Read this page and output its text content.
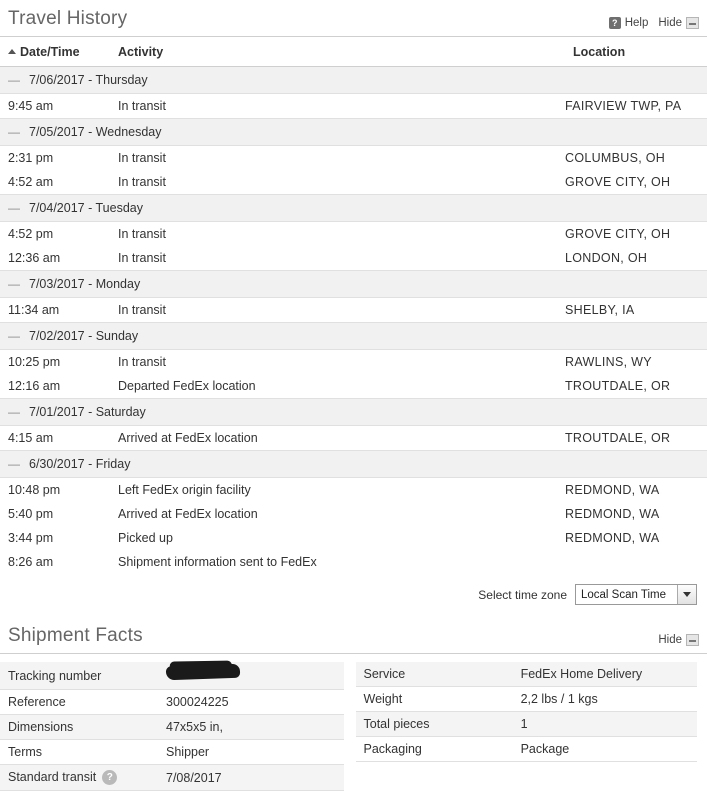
Travel History	? Help Hide
Date/Time	Activity	Location
— 7/06/2017 - Thursday		
9:45 am	In transit	FAIRVIEW TWP, PA
— 7/05/2017 - Wednesday		
2:31 pm	In transit	COLUMBUS, OH
4:52 am	In transit	GROVE CITY, OH
— 7/04/2017 - Tuesday		
4:52 pm	In transit	GROVE CITY, OH
12:36 am	In transit	LONDON, OH
— 7/03/2017 - Monday		
11:34 am	In transit	SHELBY, IA
— 7/02/2017 - Sunday		
10:25 pm	In transit	RAWLINS, WY
12:16 am	Departed FedEx location	TROUTDALE, OR
— 7/01/2017 - Saturday		
4:15 am	Arrived at FedEx location	TROUTDALE, OR
— 6/30/2017 - Friday		
10:48 pm	Left FedEx origin facility	REDMOND, WA
5:40 pm	Arrived at FedEx location	REDMOND, WA
3:44 pm	Picked up	REDMOND, WA
8:26 am	Shipment information sent to FedEx	
Select time zone Local Scan Time
Shipment Facts	Hide
Tracking number	
Reference	300024225
Dimensions	47x5x5 in,
Terms	Shipper
Standard transit ?	7/08/2017
Service	FedEx Home Delivery
Weight	2,2 lbs / 1 kgs
Total pieces	1
Packaging	Package
